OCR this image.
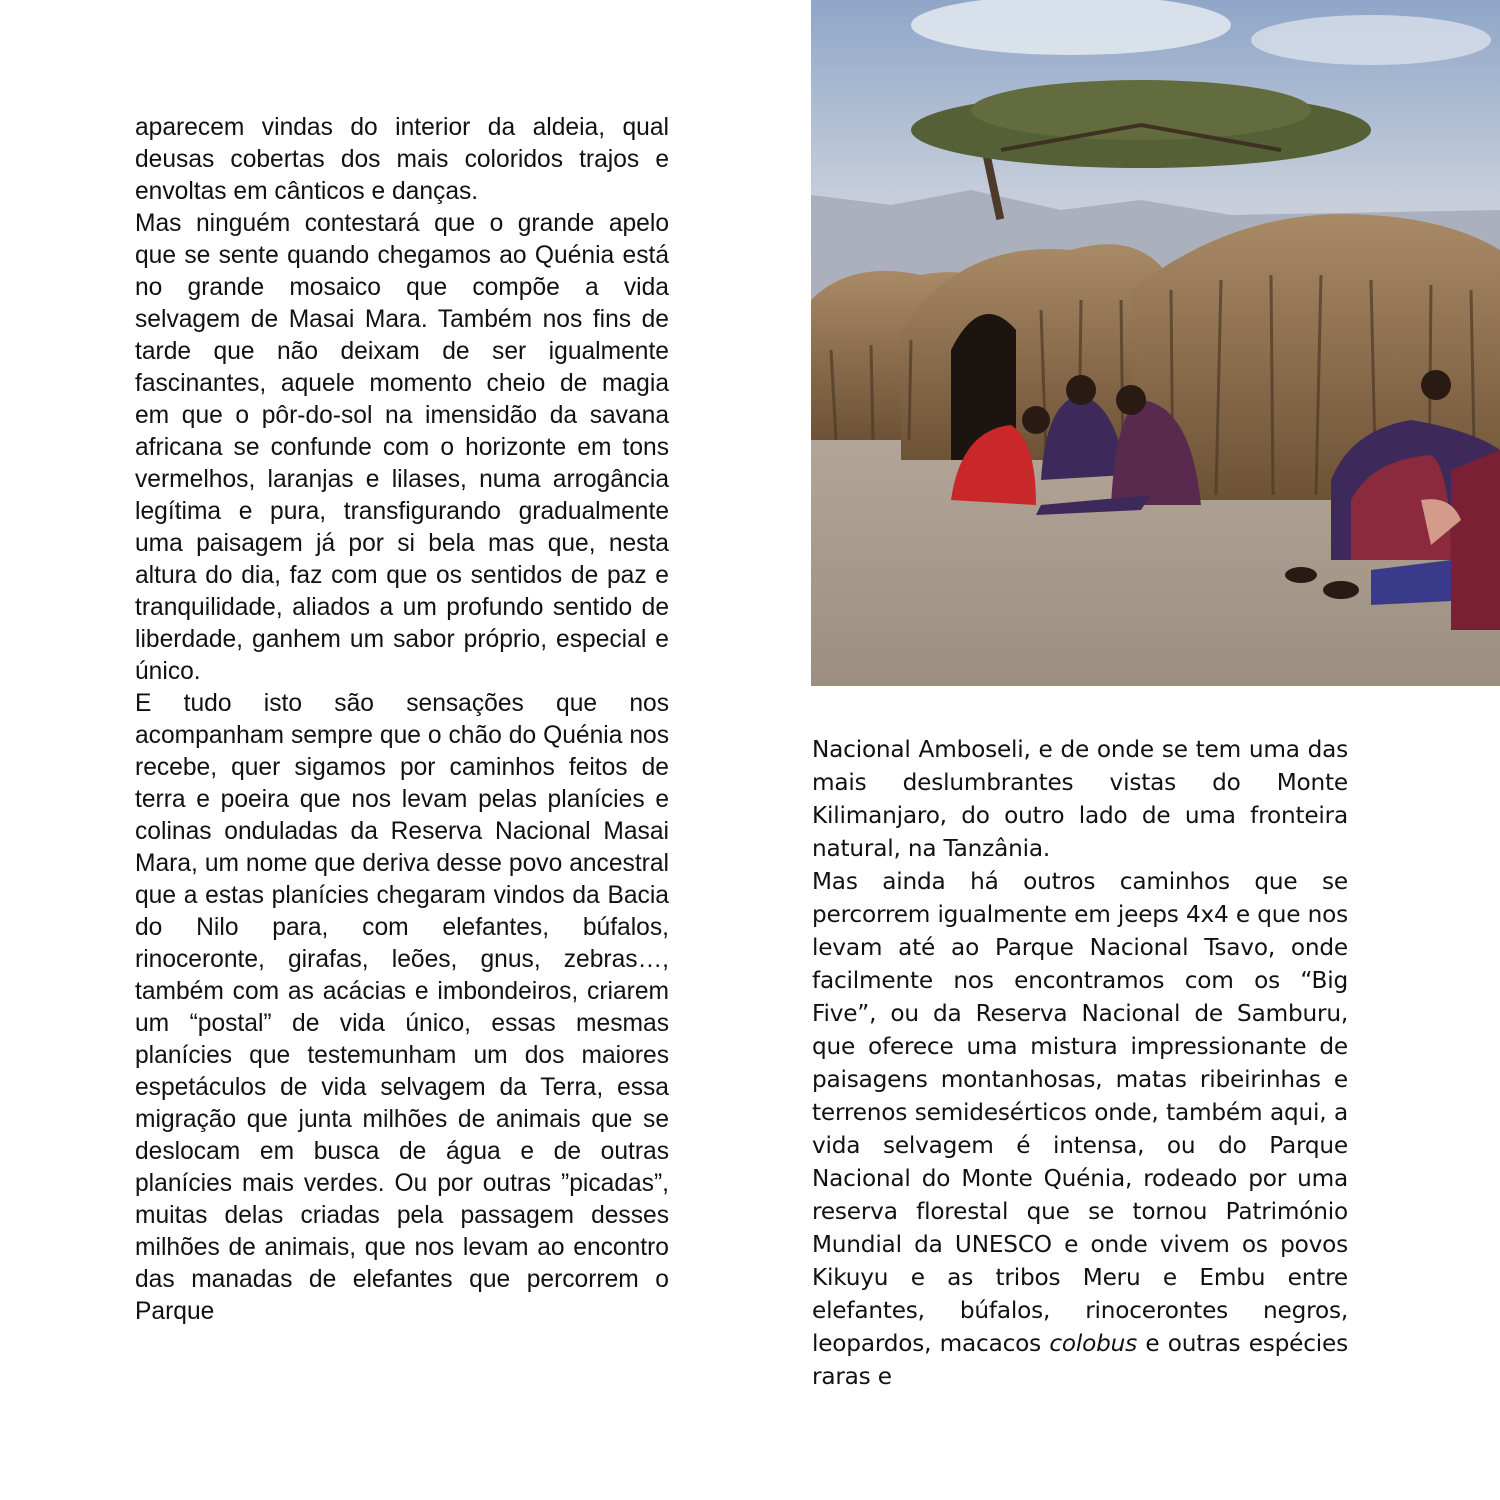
aparecem vindas do interior da aldeia, qual deusas cobertas dos mais coloridos trajos e envoltas em cânticos e danças.

Mas ninguém contestará que o grande apelo que se sente quando chegamos ao Quénia está no grande mosaico que compõe a vida selvagem de Masai Mara. Também nos fins de tarde que não deixam de ser igualmente fascinantes, aquele momento cheio de magia em que o pôr-do-sol na imensidão da savana africana se confunde com o horizonte em tons vermelhos, laranjas e lilases, numa arrogância legítima e pura, transfigurando gradualmente uma paisagem já por si bela mas que, nesta altura do dia, faz com que os sentidos de paz e tranquilidade, aliados a um profundo sentido de liberdade, ganhem um sabor próprio, especial e único.

E tudo isto são sensações que nos acompanham sempre que o chão do Quénia nos recebe, quer sigamos por caminhos feitos de terra e poeira que nos levam pelas planícies e colinas onduladas da Reserva Nacional Masai Mara, um nome que deriva desse povo ancestral que a estas planícies chegaram vindos da Bacia do Nilo para, com elefantes, búfalos, rinoceronte, girafas, leões, gnus, zebras…, também com as acácias e imbondeiros, criarem um “postal” de vida único, essas mesmas planícies que testemunham um dos maiores espetáculos de vida selvagem da Terra, essa migração que junta milhões de animais que se deslocam em busca de água e de outras planícies mais verdes. Ou por outras ”picadas”, muitas delas criadas pela passagem desses milhões de animais, que nos levam ao encontro das manadas de elefantes que percorrem o Parque

Nacional Amboseli, e de onde se tem uma das mais deslumbrantes vistas do Monte Kilimanjaro, do outro lado de uma fronteira natural, na Tanzânia.

Mas ainda há outros caminhos que se percorrem igualmente em jeeps 4x4 e que nos levam até ao Parque Nacional Tsavo, onde facilmente nos encontramos com os “Big Five”, ou da Reserva Nacional de Samburu, que oferece uma mistura impressionante de paisagens montanhosas, matas ribeirinhas e terrenos semidesérticos onde, também aqui, a vida selvagem é intensa, ou do Parque Nacional do Monte Quénia, rodeado por uma reserva florestal que se tornou Património Mundial da UNESCO e onde vivem os povos Kikuyu e as tribos Meru e Embu entre elefantes, búfalos, rinocerontes negros, leopardos, macacos colobus e outras espécies raras e
